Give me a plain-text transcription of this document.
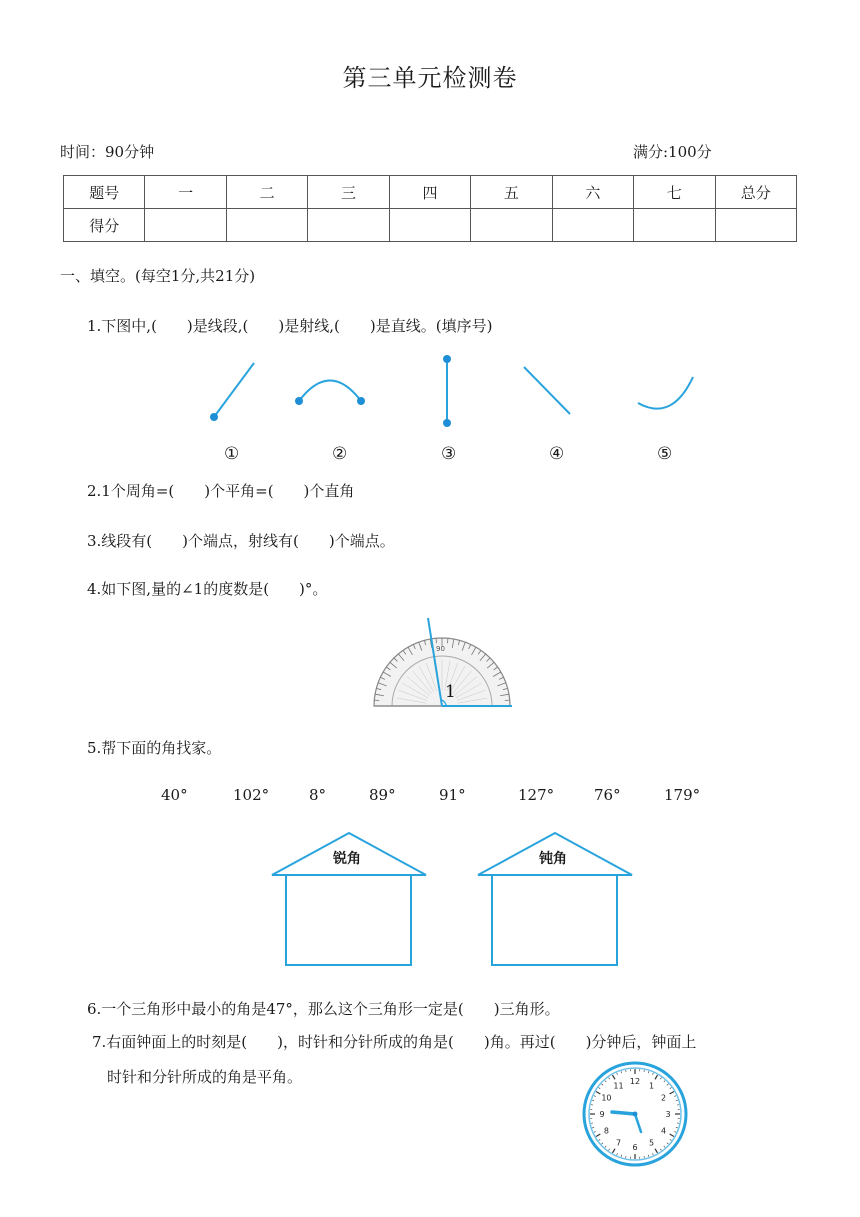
第三单元检测卷
时间：90分钟	满分:100分
题号	一	二	三	四	五	六	七	总分
得分								
一、填空。(每空1分,共21分)
1.下图中,(　　)是线段,(　　)是射线,(　　)是直线。(填序号)
①	②	③	④	⑤
2.1个周角=(　　)个平角=(　　)个直角
3.线段有(　　)个端点，射线有(　　)个端点。
4.如下图,量的∠1的度数是(　　)°。
90
1
5.帮下面的角找家。
40°	102°	8°	89°	91°	127°	76°	179°
锐角	钝角
6.一个三角形中最小的角是47°，那么这个三角形一定是(　　)三角形。
7.右面钟面上的时刻是(　　)，时针和分针所成的角是(　　)角。再过(　　)分钟后，钟面上
时针和分针所成的角是平角。	12 1
2
3
4
5
6
7
8
9
10
11
